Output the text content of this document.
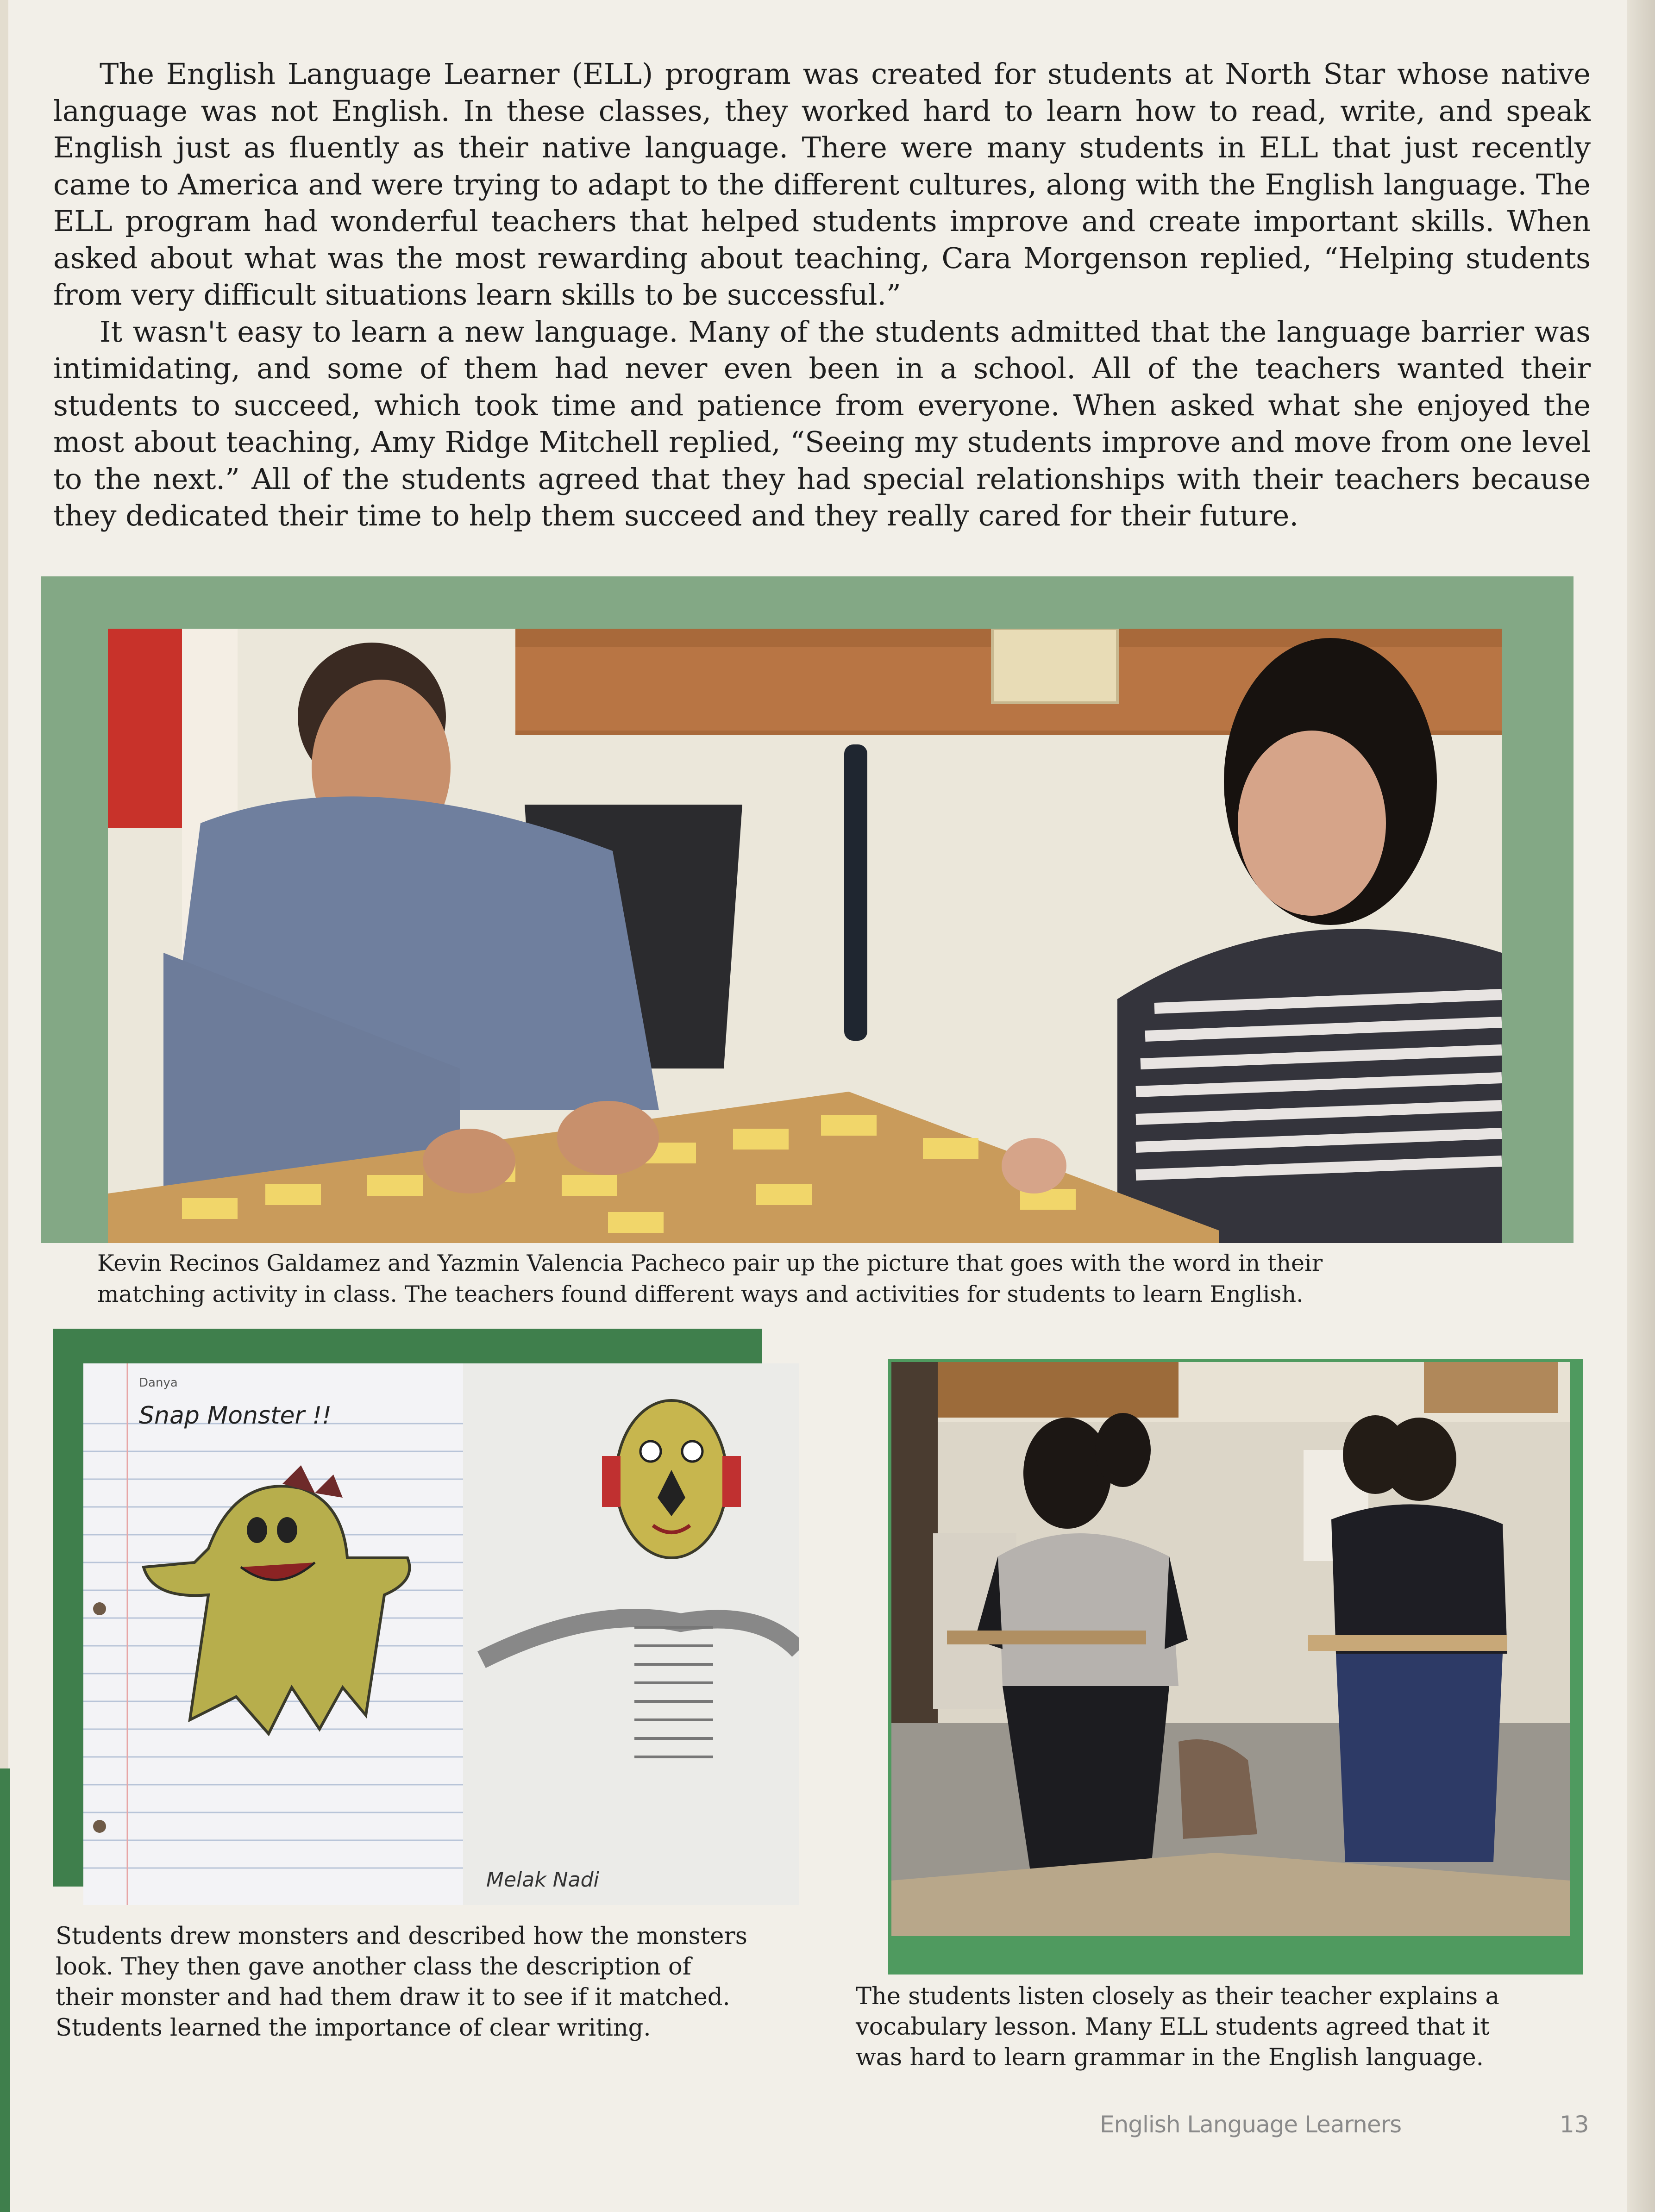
The English Language Learner (ELL) program was created for students at North Star whose native language was not English. In these classes, they worked hard to learn how to read, write, and speak English just as fluently as their native language. There were many students in ELL that just recently came to America and were trying to adapt to the different cultures, along with the English language. The ELL program had wonderful teachers that helped students improve and create important skills. When asked about what was the most rewarding about teaching, Cara Morgenson replied, “Helping students from very difficult situations learn skills to be successful.”

It wasn't easy to learn a new language. Many of the students admitted that the language barrier was intimidating, and some of them had never even been in a school. All of the teachers wanted their students to succeed, which took time and patience from everyone. When asked what she enjoyed the most about teaching, Amy Ridge Mitchell replied, “Seeing my students improve and move from one level to the next.” All of the students agreed that they had special relationships with their teachers because they dedicated their time to help them succeed and they really cared for their future.

Kevin Recinos Galdamez and Yazmin Valencia Pacheco pair up the picture that goes with the word in their

matching activity in class. The teachers found different ways and activities for students to learn English.

Danya
Snap Monster !!
Melak Nadi

Students drew monsters and described how the monsters

look. They then gave another class the description of

their monster and had them draw it to see if it matched.

Students learned the importance of clear writing.

The students listen closely as their teacher explains a

vocabulary lesson. Many ELL students agreed that it

was hard to learn grammar in the English language.

English Language Learners	13
